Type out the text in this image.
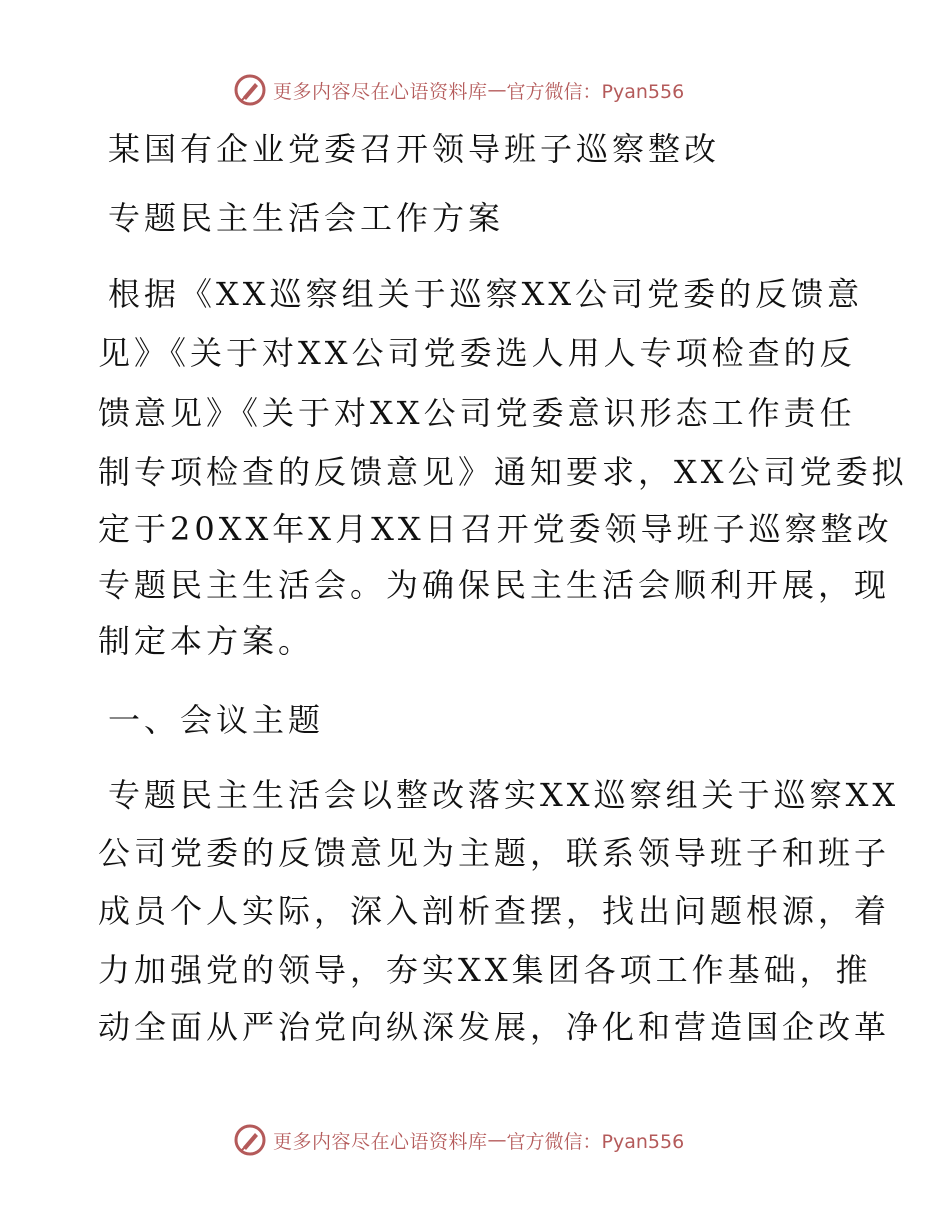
更多内容尽在心语资料库 — 官方微信：Pyan556
某国有企业党委召开领导班子巡察整改
专题民主生活会工作方案
根据《XX巡察组关于巡察XX公司党委的反馈意
见》《关于对XX公司党委选人用人专项检查的反
馈意见》《关于对XX公司党委意识形态工作责任
制专项检查的反馈意见》通知要求，XX公司党委拟
定于20XX年X月XX日召开党委领导班子巡察整改
专题民主生活会。为确保民主生活会顺利开展，现
制定本方案。
一、会议主题
专题民主生活会以整改落实XX巡察组关于巡察XX
公司党委的反馈意见为主题，联系领导班子和班子
成员个人实际，深入剖析查摆，找出问题根源，着
力加强党的领导，夯实XX集团各项工作基础，推
动全面从严治党向纵深发展，净化和营造国企改革
更多内容尽在心语资料库 — 官方微信：Pyan556
